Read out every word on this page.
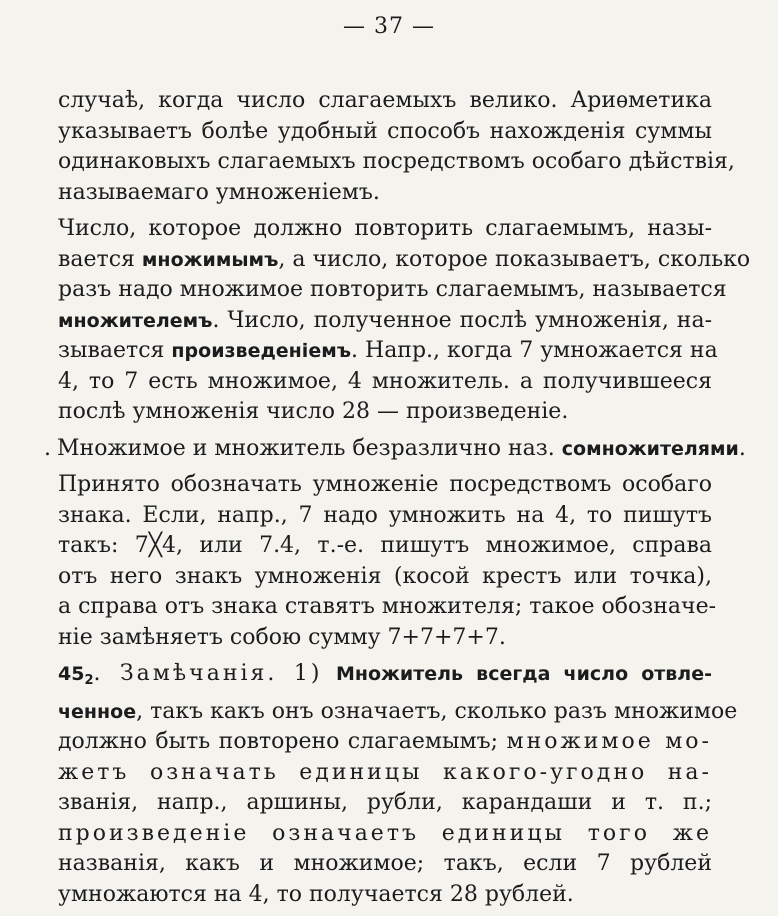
— 37 —
случаѣ, когда число слагаемыхъ велико. Ариѳметика
указываетъ болѣе удобный способъ нахожденія суммы
одинаковыхъ слагаемыхъ посредствомъ особаго дѣйствія,
называемаго умноженіемъ.
Число, которое должно повторить слагаемымъ, назы-
вается множимымъ, а число, которое показываетъ, сколько
разъ надо множимое повторить слагаемымъ, называется
множителемъ. Число, полученное послѣ умноженія, на-
зывается произведеніемъ. Напр., когда 7 умножается на
4, то 7 есть множимое, 4 множитель. а получившееся
послѣ умноженія число 28 — произведеніе.
. Множимое и множитель безразлично наз. сомножителями.
Принято обозначать умноженіе посредствомъ особаго
знака. Если, напр., 7 надо умножить на 4, то пишутъ
такъ: 7╳4, или 7.4, т.-е. пишутъ множимое, справа
отъ него знакъ умноженія (косой крестъ или точка),
а справа отъ знака ставятъ множителя; такое обозначе-
ніе замѣняетъ собою сумму 7+7+7+7.
$45_2$. Замѣчанія. 1) Множитель всегда число отвле-
ченное, такъ какъ онъ означаетъ, сколько разъ множимое
должно быть повторено слагаемымъ; множимое мо-
жетъ означать единицы какого-угодно на-
званія, напр., аршины, рубли, карандаши и т. п.;
произведеніе означаетъ единицы того же
названія, какъ и множимое; такъ, если 7 рублей
умножаются на 4, то получается 28 рублей.
